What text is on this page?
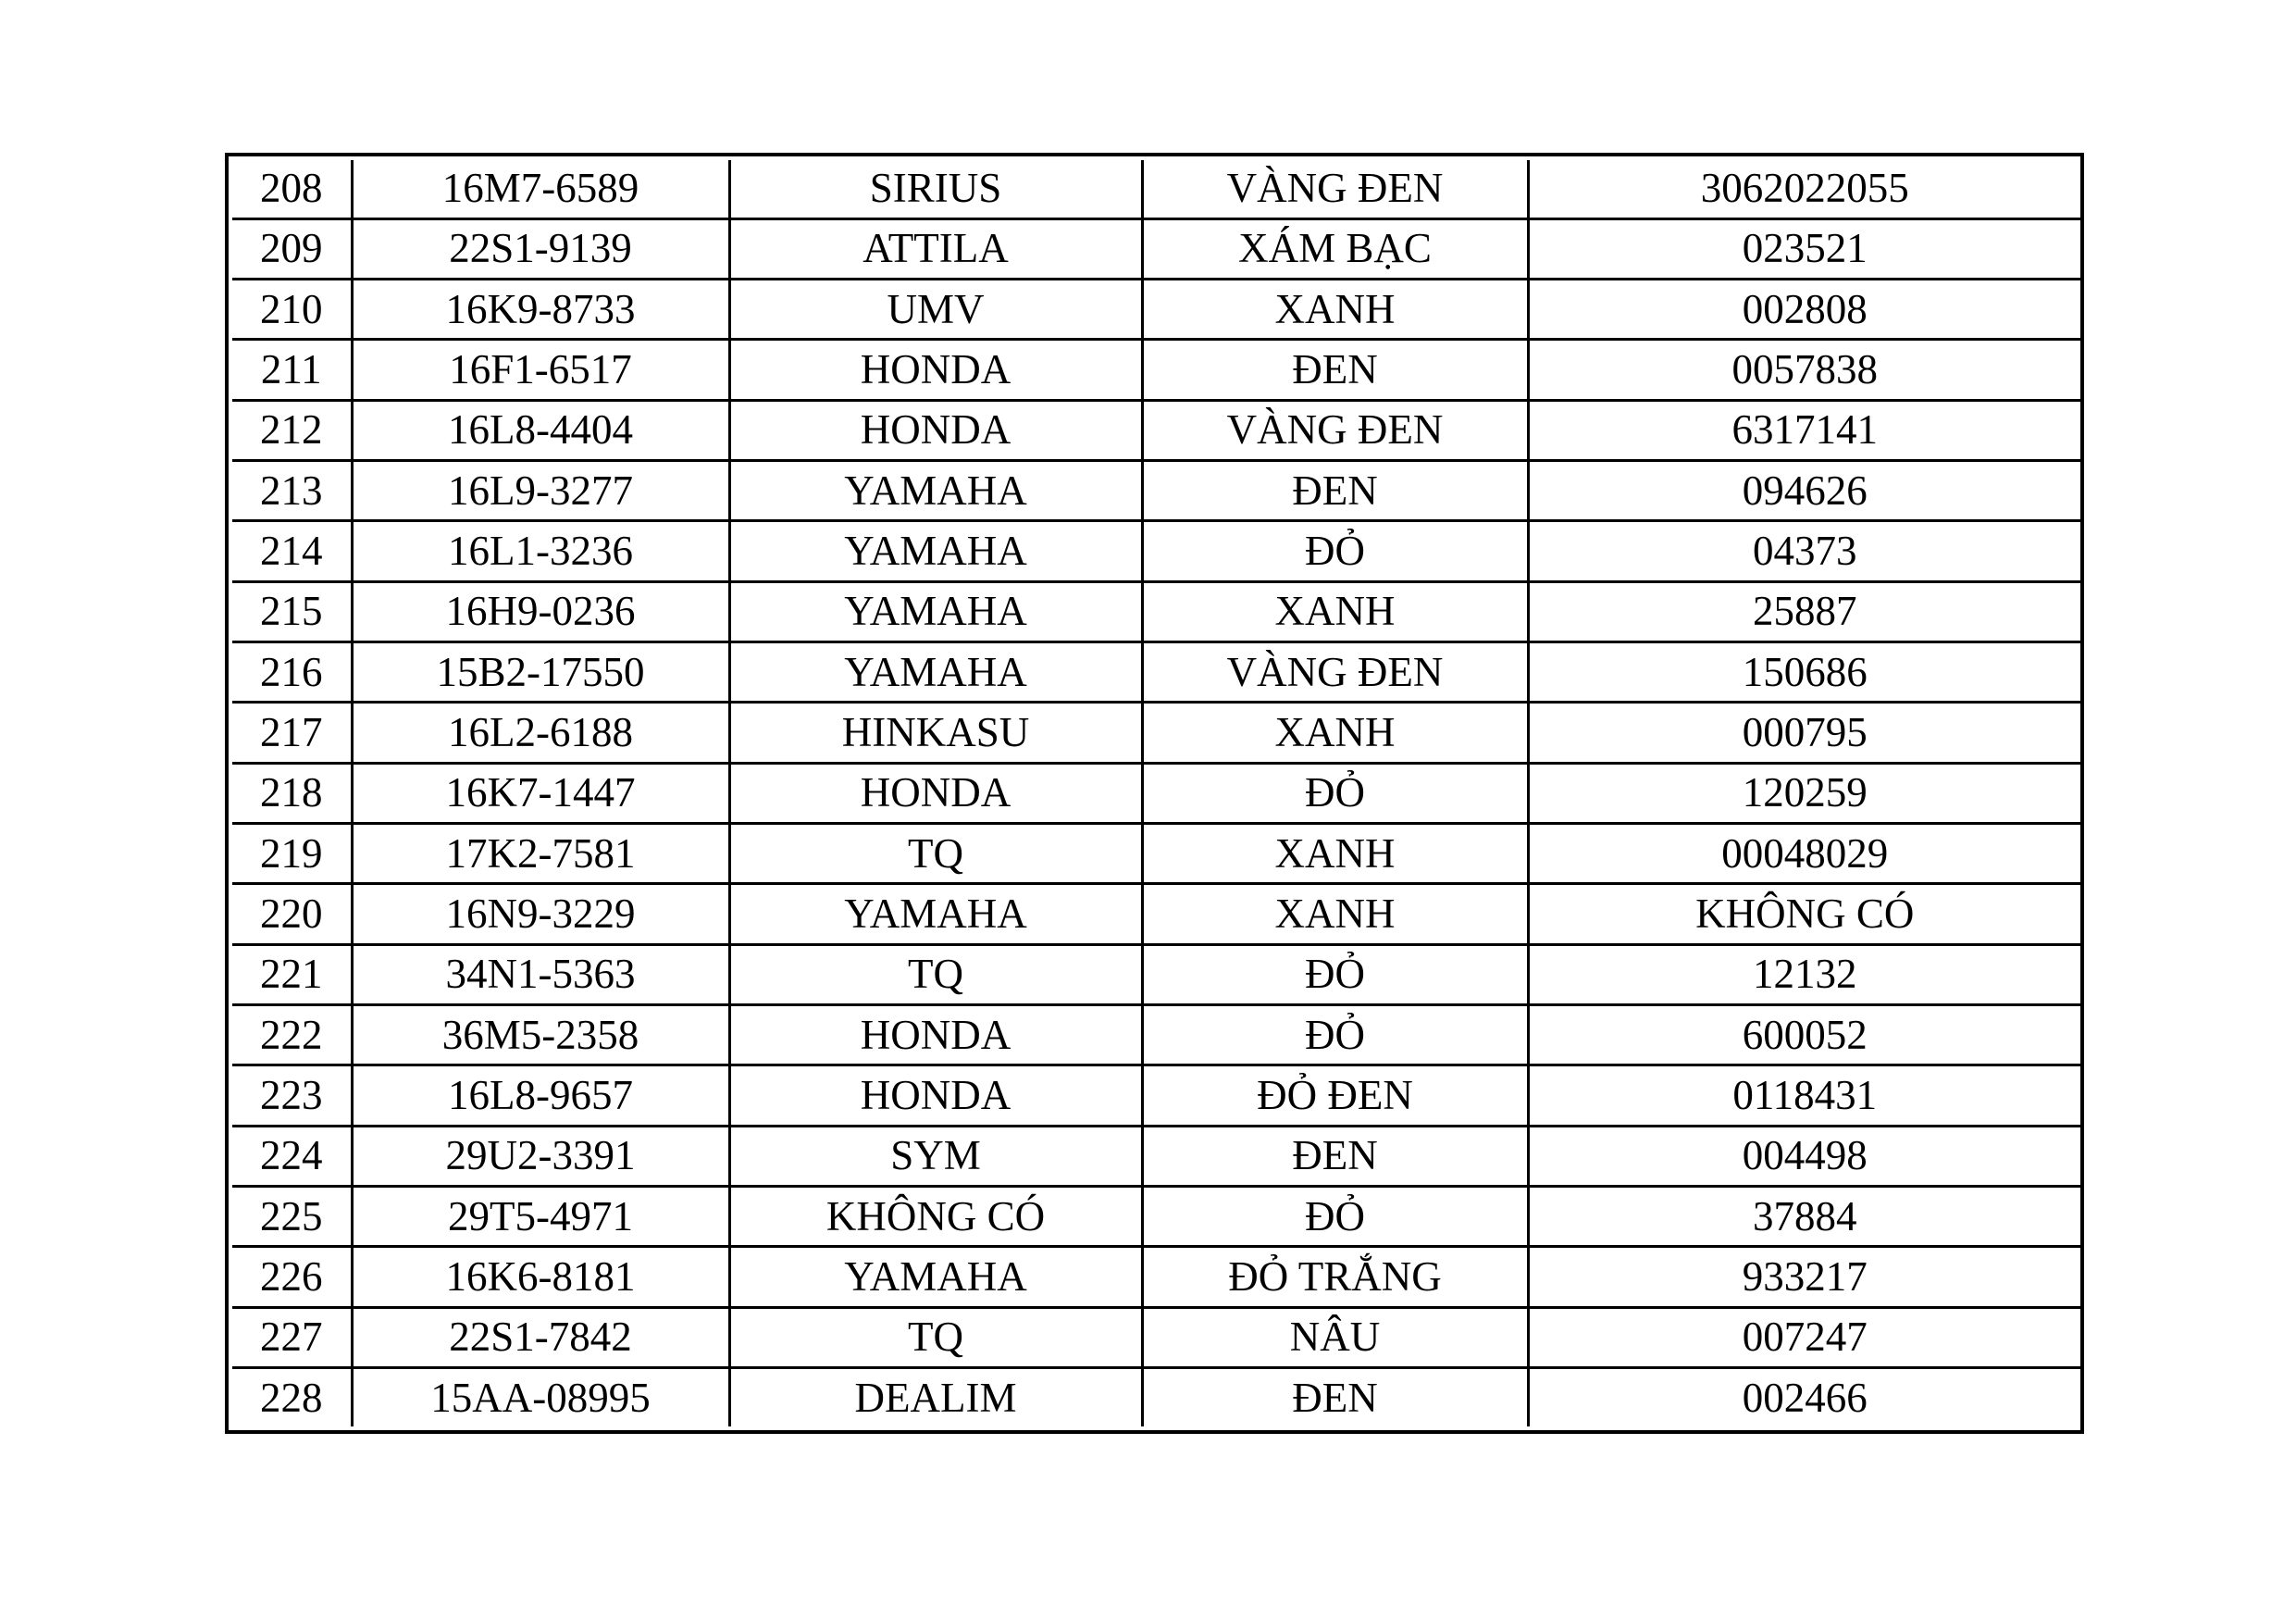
208	16M7-6589	SIRIUS	VÀNG ĐEN	3062022055
209	22S1-9139	ATTILA	XÁM BẠC	023521
210	16K9-8733	UMV	XANH	002808
211	16F1-6517	HONDA	ĐEN	0057838
212	16L8-4404	HONDA	VÀNG ĐEN	6317141
213	16L9-3277	YAMAHA	ĐEN	094626
214	16L1-3236	YAMAHA	ĐỎ	04373
215	16H9-0236	YAMAHA	XANH	25887
216	15B2-17550	YAMAHA	VÀNG ĐEN	150686
217	16L2-6188	HINKASU	XANH	000795
218	16K7-1447	HONDA	ĐỎ	120259
219	17K2-7581	TQ	XANH	00048029
220	16N9-3229	YAMAHA	XANH	KHÔNG CÓ
221	34N1-5363	TQ	ĐỎ	12132
222	36M5-2358	HONDA	ĐỎ	600052
223	16L8-9657	HONDA	ĐỎ ĐEN	0118431
224	29U2-3391	SYM	ĐEN	004498
225	29T5-4971	KHÔNG CÓ	ĐỎ	37884
226	16K6-8181	YAMAHA	ĐỎ TRẮNG	933217
227	22S1-7842	TQ	NÂU	007247
228	15AA-08995	DEALIM	ĐEN	002466
